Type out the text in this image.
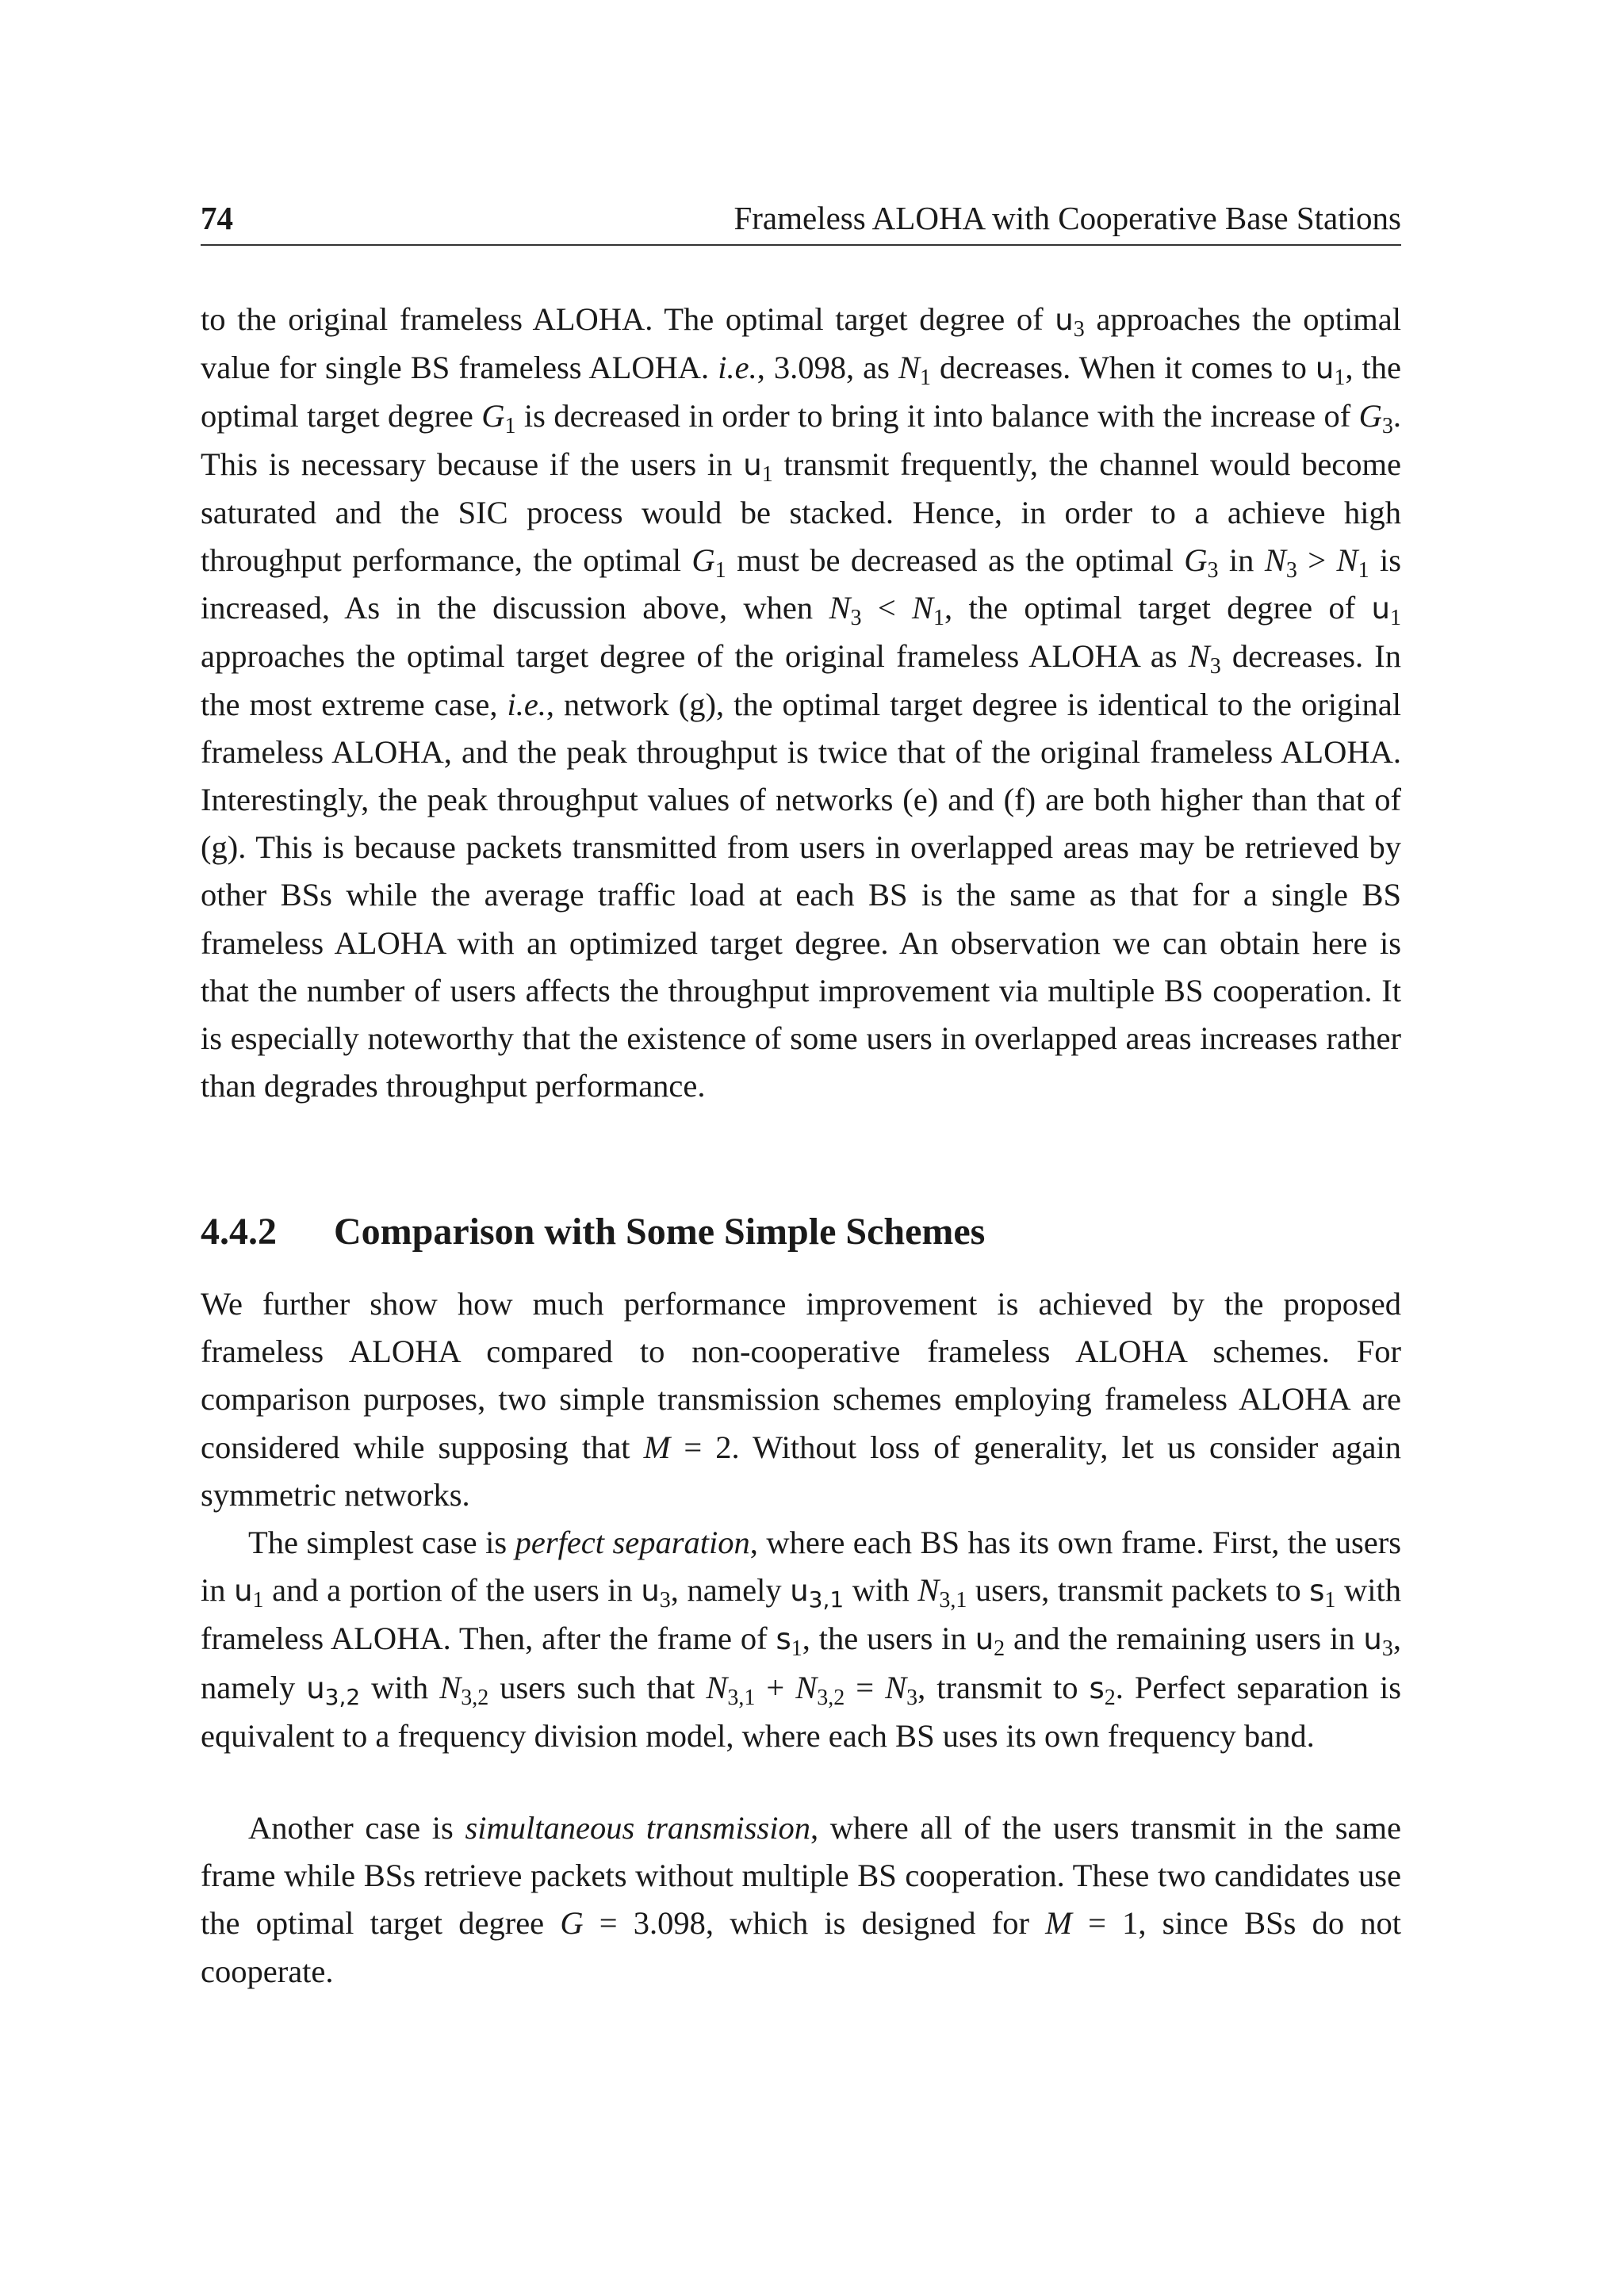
74	Frameless ALOHA with Cooperative Base Stations

to the original frameless ALOHA. The optimal target degree of $u_3$ approaches the optimal value for single BS frameless ALOHA. i.e., 3.098, as $N_1$ decreases. When it comes to $u_1$, the optimal target degree $G_1$ is decreased in order to bring it into balance with the increase of $G_3$. This is necessary because if the users in $u_1$ transmit frequently, the channel would become saturated and the SIC process would be stacked. Hence, in order to a achieve high throughput performance, the optimal $G_1$ must be decreased as the optimal $G_3$ in $N_3 > N_1$ is increased, As in the discussion above, when $N_3 < N_1$, the optimal target degree of $u_1$ approaches the optimal target degree of the original frameless ALOHA as $N_3$ decreases. In the most extreme case, i.e., network (g), the optimal target degree is identical to the original frameless ALOHA, and the peak throughput is twice that of the original frameless ALOHA. Interestingly, the peak throughput values of networks (e) and (f) are both higher than that of (g). This is because packets transmitted from users in overlapped areas may be retrieved by other BSs while the average traffic load at each BS is the same as that for a single BS frameless ALOHA with an optimized target degree. An observation we can obtain here is that the number of users affects the throughput improvement via multiple BS cooperation. It is especially noteworthy that the existence of some users in overlapped areas increases rather than degrades throughput performance.

4.4.2 Comparison with Some Simple Schemes

We further show how much performance improvement is achieved by the proposed frameless ALOHA compared to non-cooperative frameless ALOHA schemes. For comparison purposes, two simple transmission schemes employing frameless ALOHA are considered while supposing that M = 2. Without loss of generality, let us consider again symmetric networks.

The simplest case is perfect separation, where each BS has its own frame. First, the users in $u_1$ and a portion of the users in $u_3$, namely $u_{3,1}$ with $N_{3,1}$ users, transmit packets to $s_1$ with frameless ALOHA. Then, after the frame of $s_1$, the users in $u_2$ and the remaining users in $u_3$, namely $u_{3,2}$ with $N_{3,2}$ users such that $N_{3,1} + N_{3,2} = N_3$, transmit to $s_2$. Perfect separation is equivalent to a frequency division model, where each BS uses its own frequency band.

Another case is simultaneous transmission, where all of the users transmit in the same frame while BSs retrieve packets without multiple BS cooperation. These two candidates use the optimal target degree G = 3.098, which is designed for M = 1, since BSs do not cooperate.
